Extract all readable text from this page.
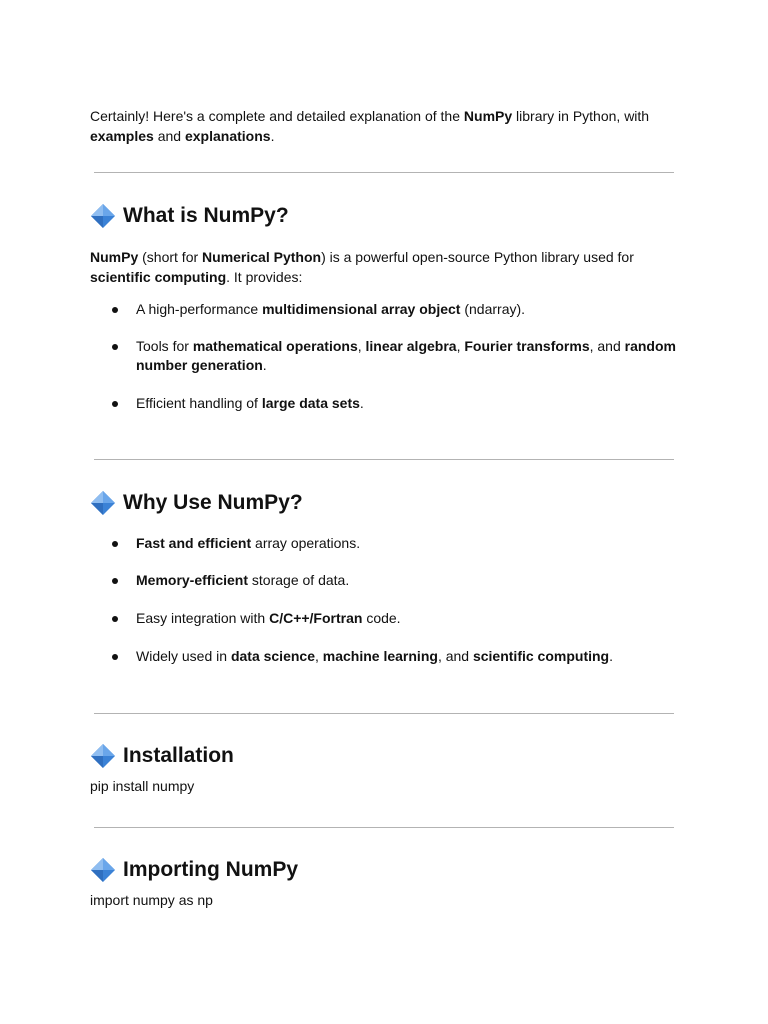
Certainly! Here's a complete and detailed explanation of the NumPy library in Python, with examples and explanations.

What is NumPy?

NumPy (short for Numerical Python) is a powerful open-source Python library used for scientific computing. It provides:

A high-performance multidimensional array object (ndarray).
Tools for mathematical operations, linear algebra, Fourier transforms, and random number generation.
Efficient handling of large data sets.
Why Use NumPy?
Fast and efficient array operations.
Memory-efficient storage of data.
Easy integration with C/C++/Fortran code.
Widely used in data science, machine learning, and scientific computing.
Installation

pip install numpy

Importing NumPy

import numpy as np
